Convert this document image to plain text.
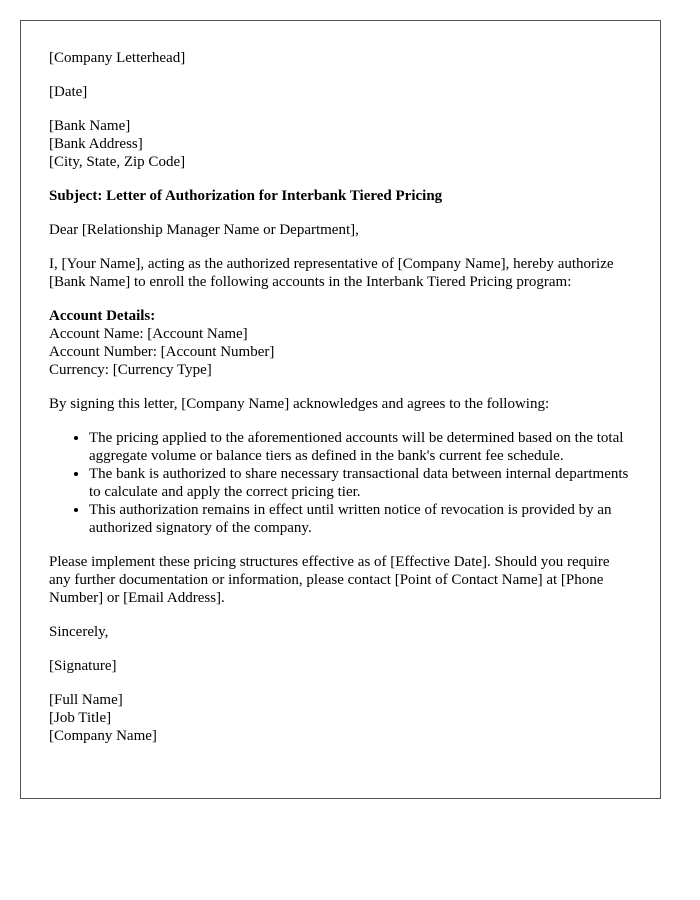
[Company Letterhead]

[Date]

[Bank Name]
[Bank Address]
[City, State, Zip Code]

Subject: Letter of Authorization for Interbank Tiered Pricing

Dear [Relationship Manager Name or Department],

I, [Your Name], acting as the authorized representative of [Company Name], hereby authorize [Bank Name] to enroll the following accounts in the Interbank Tiered Pricing program:

Account Details:
Account Name: [Account Name]
Account Number: [Account Number]
Currency: [Currency Type]

By signing this letter, [Company Name] acknowledges and agrees to the following:

• The pricing applied to the aforementioned accounts will be determined based on the total aggregate volume or balance tiers as defined in the bank's current fee schedule.
• The bank is authorized to share necessary transactional data between internal departments to calculate and apply the correct pricing tier.
• This authorization remains in effect until written notice of revocation is provided by an authorized signatory of the company.

Please implement these pricing structures effective as of [Effective Date]. Should you require any further documentation or information, please contact [Point of Contact Name] at [Phone Number] or [Email Address].

Sincerely,

[Signature]

[Full Name]
[Job Title]
[Company Name]
